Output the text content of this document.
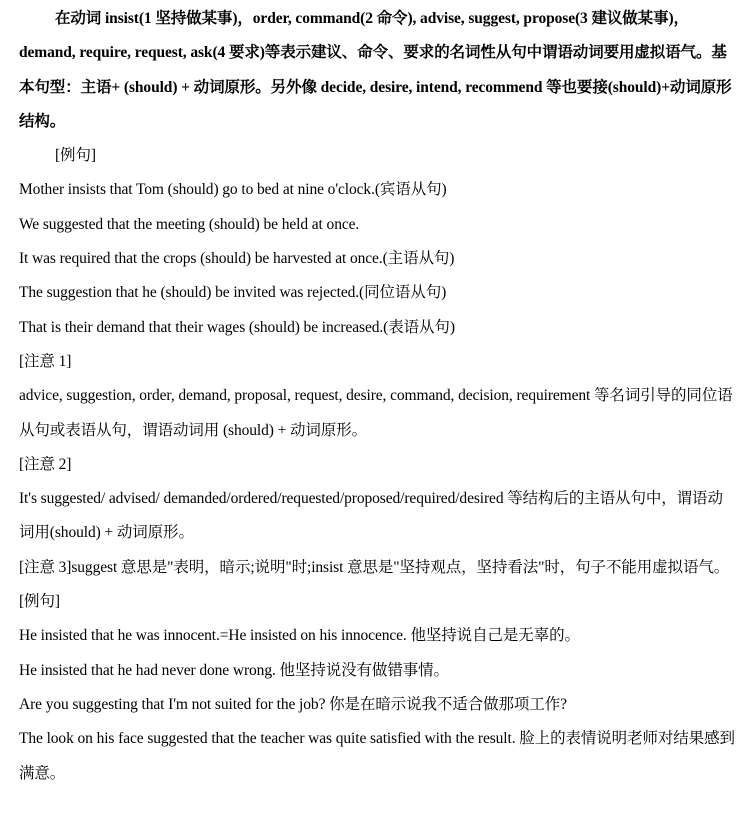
在动词 insist(1 坚持做某事)，order, command(2 命令), advise, suggest, propose(3 建议做某事)，demand, require, request, ask(4 要求)等表示建议、命令、要求的名词性从句中谓语动词要用虚拟语气。基本句型：主语+ (should) + 动词原形。另外像 decide, desire, intend, recommend 等也要接(should)+动词原形结构。

[例句]

Mother insists that Tom (should) go to bed at nine o'clock.(宾语从句)

We suggested that the meeting (should) be held at once.

It was required that the crops (should) be harvested at once.(主语从句)

The suggestion that he (should) be invited was rejected.(同位语从句)

That is their demand that their wages (should) be increased.(表语从句)

[注意 1]

advice, suggestion, order, demand, proposal, request, desire, command, decision, requirement 等名词引导的同位语从句或表语从句，谓语动词用 (should) + 动词原形。

[注意 2]

It's suggested/ advised/ demanded/ordered/requested/proposed/required/desired 等结构后的主语从句中，谓语动词用(should) + 动词原形。

[注意 3]suggest 意思是"表明，暗示;说明"时;insist 意思是"坚持观点，坚持看法"时，句子不能用虚拟语气。

[例句]

He insisted that he was innocent.=He insisted on his innocence. 他坚持说自己是无辜的。

He insisted that he had never done wrong. 他坚持说没有做错事情。

Are you suggesting that I'm not suited for the job? 你是在暗示说我不适合做那项工作?

The look on his face suggested that the teacher was quite satisfied with the result. 脸上的表情说明老师对结果感到满意。
